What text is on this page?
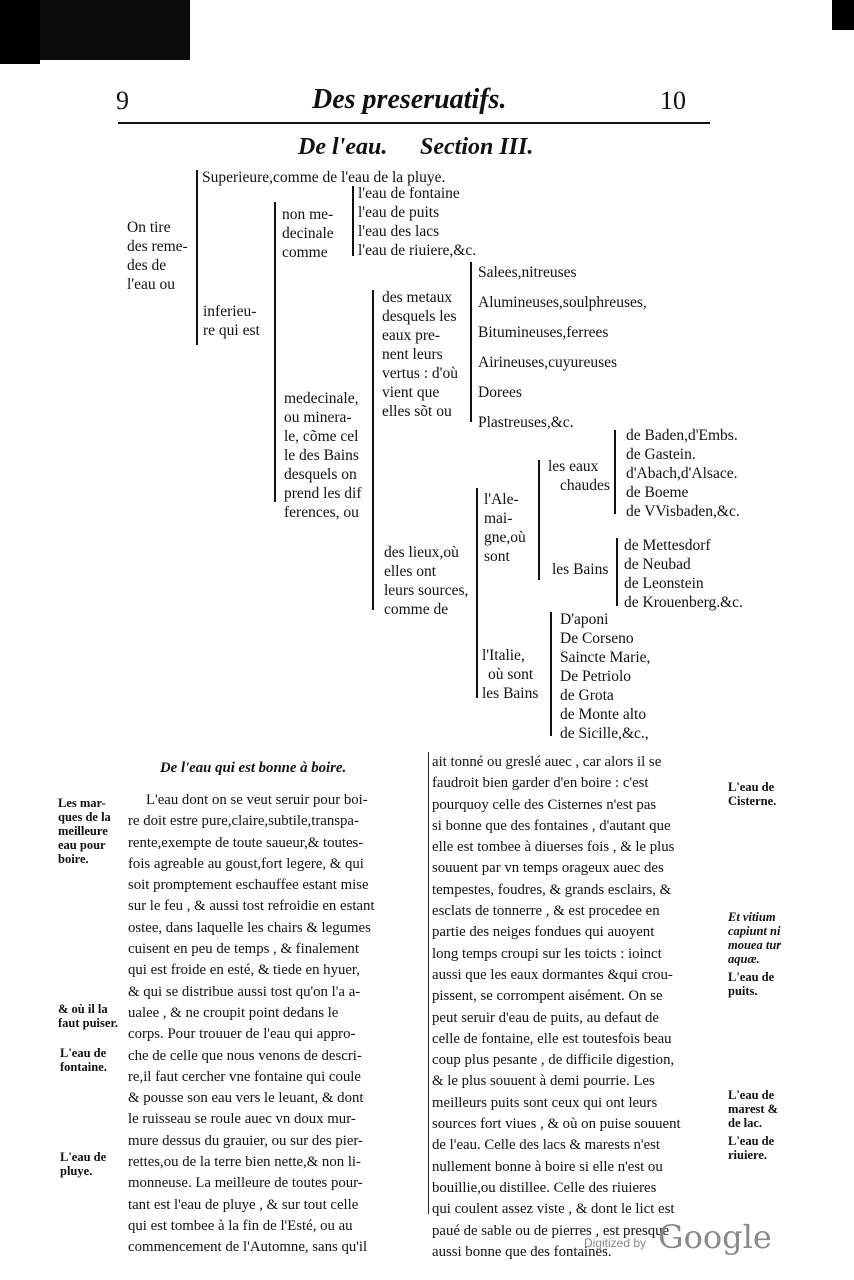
9	Des preseruatifs.	10
De l'eau. Section III.
On tire
des reme-
des de
l'eau ou
Superieure,comme de l'eau de la pluye.
inferieu-
re qui est
non me-
decinale
comme
l'eau de fontaine
l'eau de puits
l'eau des lacs
l'eau de riuiere,&c.
medecinale,
ou minera-
le, cõme cel
le des Bains
desquels on
prend les dif
ferences, ou
des metaux
desquels les
eaux pre-
nent leurs
vertus : d'où
vient que
elles sõt ou
Salees,nitreuses
Alumineuses,soulphreuses,
Bitumineuses,ferrees
Airineuses,cuyureuses
Dorees
Plastreuses,&c.
des lieux,où
elles ont
leurs sources,
comme de
l'Ale-
mai-
gne,où
sont
les eaux
chaudes
de Baden,d'Embs.
de Gastein.
d'Abach,d'Alsace.
de Boeme
de VVisbaden,&c.
les Bains
de Mettesdorf
de Neubad
de Leonstein
de Krouenberg.&c.
l'Italie,
où sont
les Bains
D'aponi
De Corseno
Saincte Marie,
De Petriolo
de Grota
de Monte alto
de Sicille,&c.,
De l'eau qui est bonne à boire.
L'eau dont on se veut seruir pour boi-
re doit estre pure,claire,subtile,transpa-
rente,exempte de toute saueur,& toutes-
fois agreable au goust,fort legere, & qui
soit promptement eschauffee estant mise
sur le feu , & aussi tost refroidie en estant
ostee, dans laquelle les chairs & legumes
cuisent en peu de temps , & finalement
qui est froide en esté, & tiede en hyuer,
& qui se distribue aussi tost qu'on l'a a-
ualee , & ne croupit point dedans le
corps. Pour trouuer de l'eau qui appro-
che de celle que nous venons de descri-
re,il faut cercher vne fontaine qui coule
& pousse son eau vers le leuant, & dont
le ruisseau se roule auec vn doux mur-
mure dessus du grauier, ou sur des pier-
rettes,ou de la terre bien nette,& non li-
monneuse. La meilleure de toutes pour-
tant est l'eau de pluye , & sur tout celle
qui est tombee à la fin de l'Esté, ou au
commencement de l'Automne, sans qu'il
Les mar-
ques de la
meilleure
eau pour
boire.
& où il la
faut puiser.
L'eau de
fontaine.
L'eau de
pluye.
ait tonné ou greslé auec , car alors il se
faudroit bien garder d'en boire : c'est
pourquoy celle des Cisternes n'est pas
si bonne que des fontaines , d'autant que
elle est tombee à diuerses fois , & le plus
souuent par vn temps orageux auec des
tempestes, foudres, & grands esclairs, &
esclats de tonnerre , & est procedee en
partie des neiges fondues qui auoyent
long temps croupi sur les toicts : ioinct
aussi que les eaux dormantes &qui crou-
pissent, se corrompent aisément. On se
peut seruir d'eau de puits, au defaut de
celle de fontaine, elle est toutesfois beau
coup plus pesante , de difficile digestion,
& le plus souuent à demi pourrie. Les
meilleurs puits sont ceux qui ont leurs
sources fort viues , & où on puise souuent
de l'eau. Celle des lacs & marests n'est
nullement bonne à boire si elle n'est ou
bouillie,ou distillee. Celle des riuieres
qui coulent assez viste , & dont le lict est
paué de sable ou de pierres , est presque
aussi bonne que des fontaines.
L'eau de
Cisterne.
Et vitium
capiunt ni
mouea tur
aquæ.
L'eau de
puits.
L'eau de
marest &
de lac.
L'eau de
riuiere.
Digitized by Google
